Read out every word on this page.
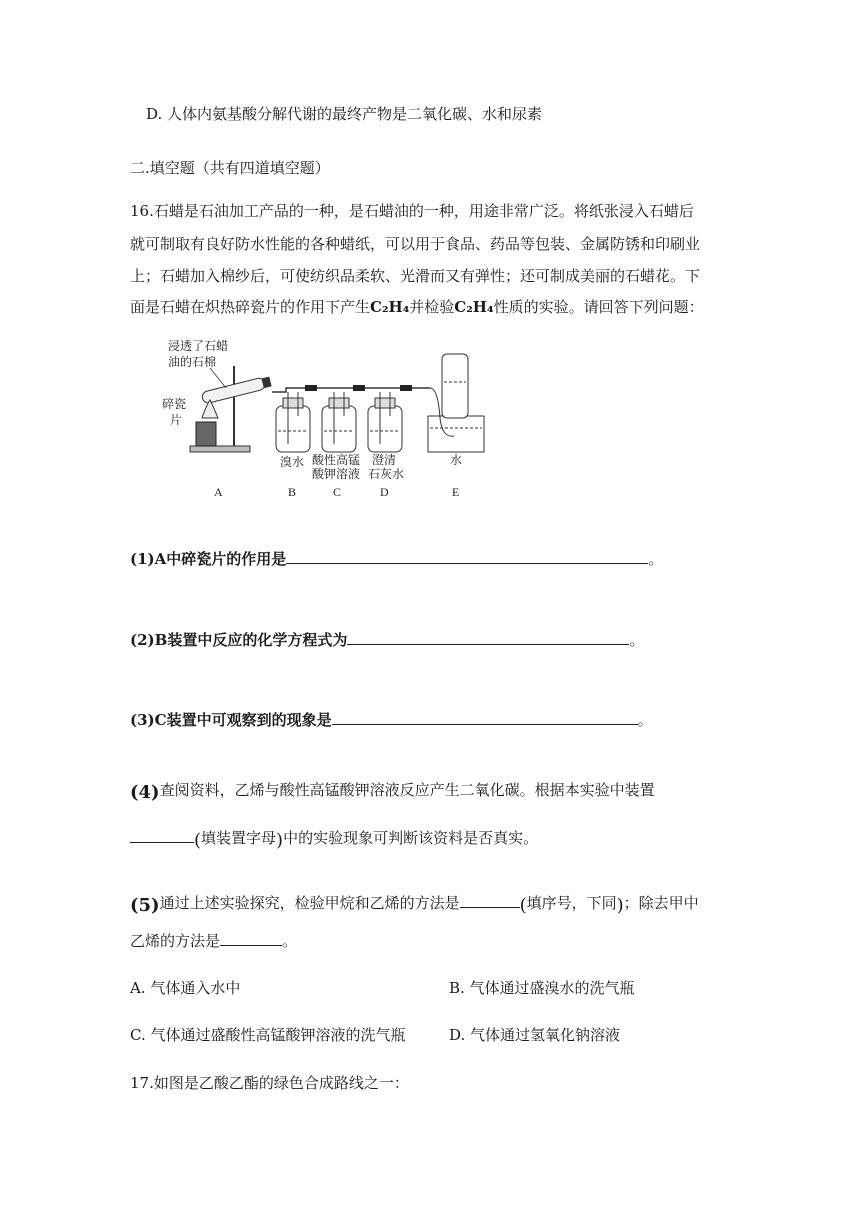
D. 人体内氨基酸分解代谢的最终产物是二氧化碳、水和尿素
二.填空题（共有四道填空题）
16.石蜡是石油加工产品的一种，是石蜡油的一种，用途非常广泛。将纸张浸入石蜡后
就可制取有良好防水性能的各种蜡纸，可以用于食品、药品等包装、金属防锈和印刷业
上；石蜡加入棉纱后，可使纺织品柔软、光滑而又有弹性；还可制成美丽的石蜡花。下
面是石蜡在炽热碎瓷片的作用下产生C₂H₄并检验C₂H₄性质的实验。请回答下列问题：
浸透了石蜡
油的石棉
碎瓷
片
溴水 酸性高锰
酸钾溶液
澄清
石灰水
水
A	B	C	D	E
(1)A中碎瓷片的作用是	。
(2)B装置中反应的化学方程式为	。
(3)C装置中可观察到的现象是	。
(4)查阅资料，乙烯与酸性高锰酸钾溶液反应产生二氧化碳。根据本实验中装置
(填装置字母)中的实验现象可判断该资料是否真实。
(5)通过上述实验探究，检验甲烷和乙烯的方法是	(填序号，下同)；除去甲中
乙烯的方法是	。
A. 气体通入水中	B. 气体通过盛溴水的洗气瓶
C. 气体通过盛酸性高锰酸钾溶液的洗气瓶	D. 气体通过氢氧化钠溶液
17.如图是乙酸乙酯的绿色合成路线之一：
